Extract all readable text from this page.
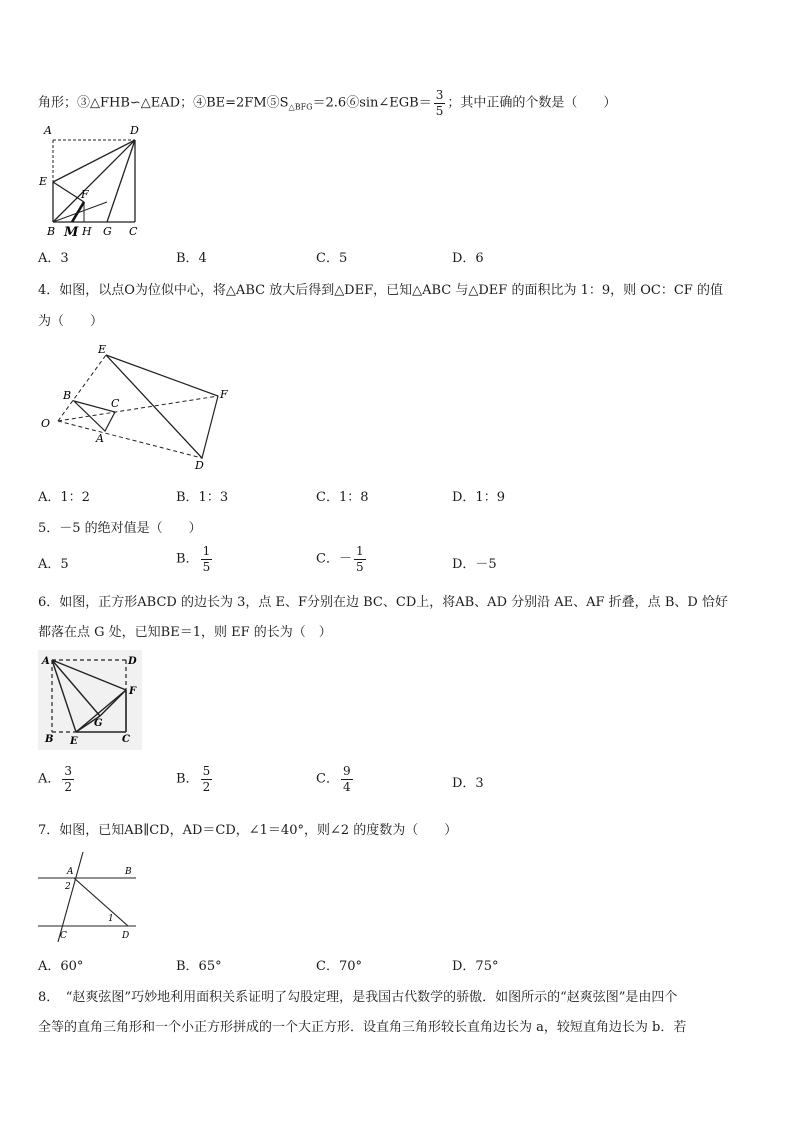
角形；③△FHB∽△EAD；$④BE=2FM⑤S_{\triangle BFG}=2.6⑥\sin\angle EGB= \frac{3}{5}$ ；其中正确的个数是（　　）
A	D
E
F
B M H G C
A．3	B．4	C．5	D．6
4．如图，以点O为位似中心，将△ABC 放大后得到△DEF，已知△ABC 与△DEF 的面积比为 1：9，则 OC：CF 的值
为（　　）
E
F
B
C
O
A
D
A．1：2	B．1：3	C．1：8	D．1：9
5．－5 的绝对值是（　　）
A．5	B． $\frac{1}{5}$	C．－ $\frac{1}{5}$	D．－5
6．如图，正方形ABCD 的边长为 3，点 E、F分别在边 BC、CD上，将AB、AD 分别沿 AE、AF 折叠，点 B、D 恰好
都落在点 G 处，已知BE＝1，则 EF 的长为（　）
A	D
F
G
B E	C
A． $\frac{3}{2}$	B． $\frac{5}{2}$	C． $\frac{9}{4}$	D．3
7．如图，已知AB∥CD，AD＝CD，∠1＝40°，则∠2 的度数为（　　）
A	B
2
1
C	D
A．60°	B．65°	C．70°	D．75°
8．　“赵爽弦图”巧妙地利用面积关系证明了勾股定理，是我国古代数学的骄傲．如图所示的“赵爽弦图”是由四个
全等的直角三角形和一个小正方形拼成的一个大正方形．设直角三角形较长直角边长为 a，较短直角边长为 b．若
